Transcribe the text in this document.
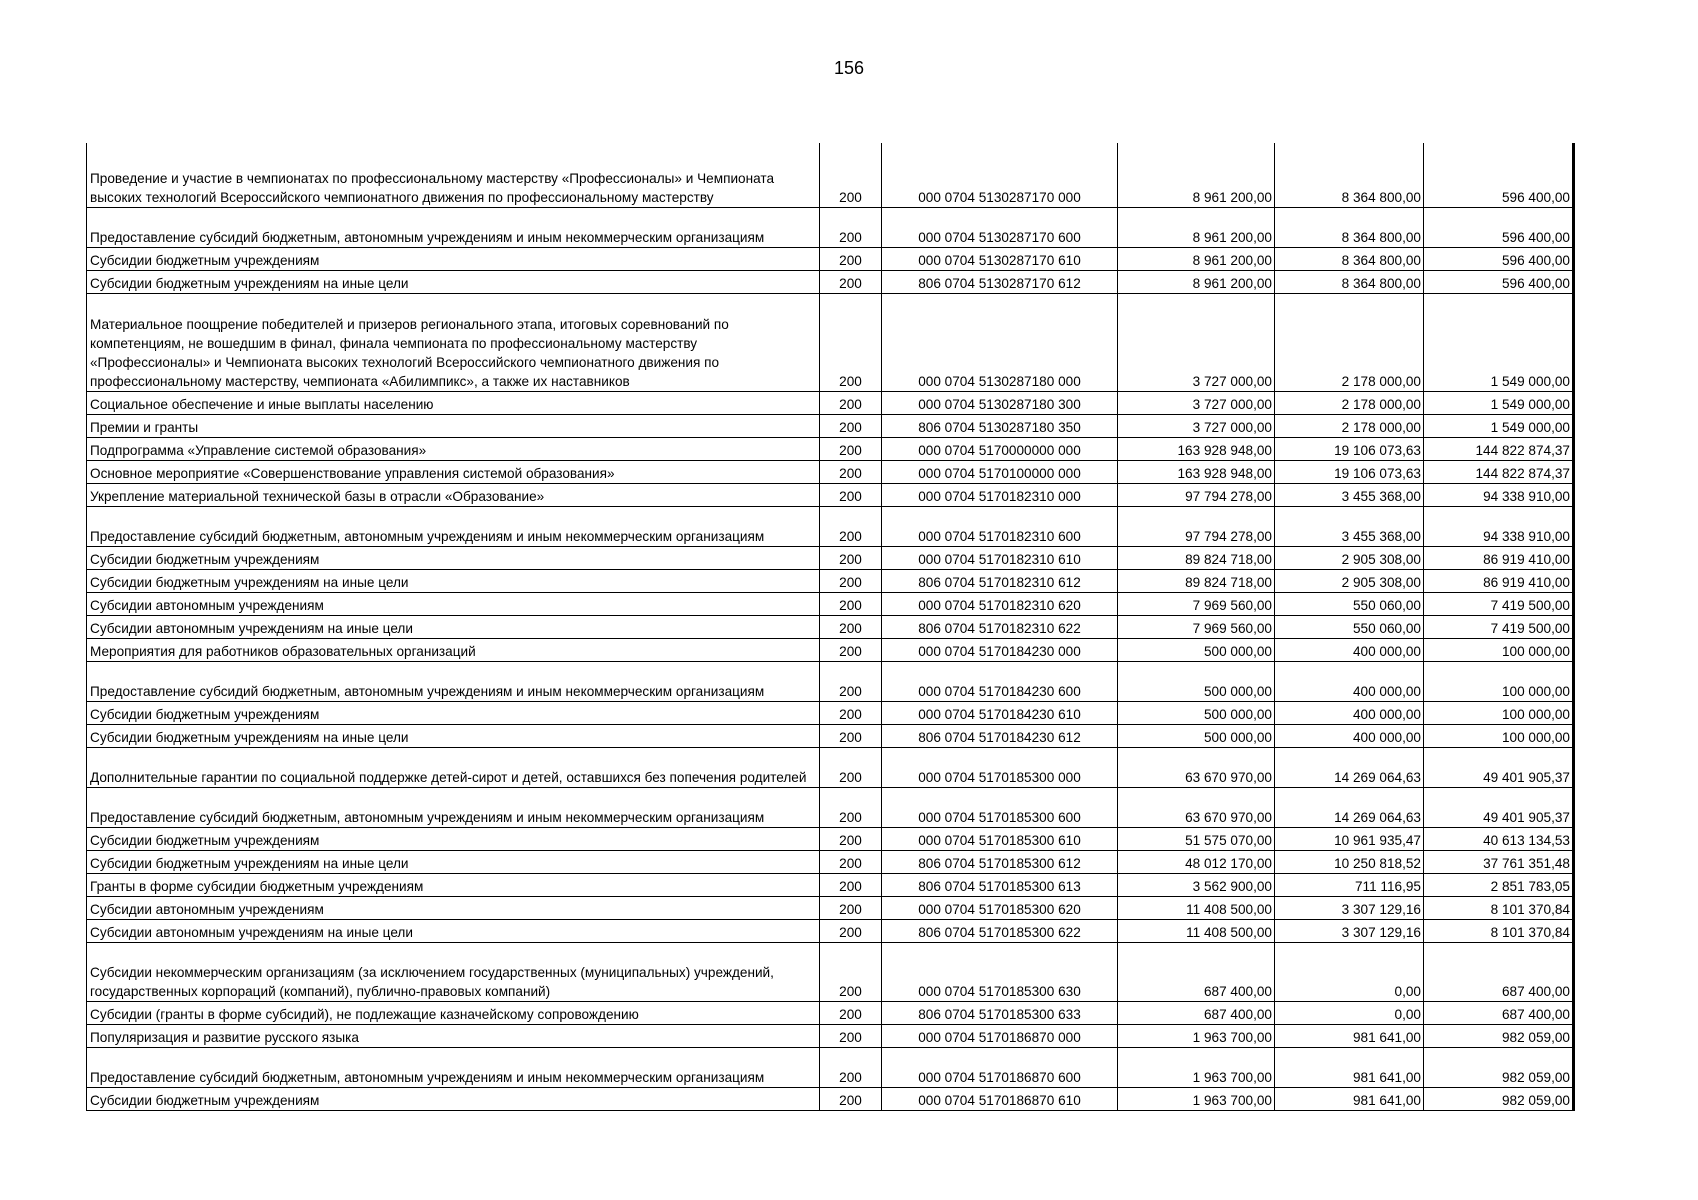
156
Проведение и участие в чемпионатах по профессиональному мастерству «Профессионалы» и Чемпионата высоких технологий Всероссийского чемпионатного движения по профессиональному мастерству	200	000 0704 5130287170 000	8 961 200,00	8 364 800,00	596 400,00
Предоставление субсидий бюджетным, автономным учреждениям и иным некоммерческим организациям	200	000 0704 5130287170 600	8 961 200,00	8 364 800,00	596 400,00
Субсидии бюджетным учреждениям	200	000 0704 5130287170 610	8 961 200,00	8 364 800,00	596 400,00
Субсидии бюджетным учреждениям на иные цели	200	806 0704 5130287170 612	8 961 200,00	8 364 800,00	596 400,00
Материальное поощрение победителей и призеров регионального этапа, итоговых соревнований по компетенциям, не вошедшим в финал, финала чемпионата по профессиональному мастерству «Профессионалы» и Чемпионата высоких технологий Всероссийского чемпионатного движения по профессиональному мастерству, чемпионата «Абилимпикс», а также их наставников	200	000 0704 5130287180 000	3 727 000,00	2 178 000,00	1 549 000,00
Социальное обеспечение и иные выплаты населению	200	000 0704 5130287180 300	3 727 000,00	2 178 000,00	1 549 000,00
Премии и гранты	200	806 0704 5130287180 350	3 727 000,00	2 178 000,00	1 549 000,00
Подпрограмма «Управление системой образования»	200	000 0704 5170000000 000	163 928 948,00	19 106 073,63	144 822 874,37
Основное мероприятие «Совершенствование управления системой образования»	200	000 0704 5170100000 000	163 928 948,00	19 106 073,63	144 822 874,37
Укрепление материальной технической базы в отрасли «Образование»	200	000 0704 5170182310 000	97 794 278,00	3 455 368,00	94 338 910,00
Предоставление субсидий бюджетным, автономным учреждениям и иным некоммерческим организациям	200	000 0704 5170182310 600	97 794 278,00	3 455 368,00	94 338 910,00
Субсидии бюджетным учреждениям	200	000 0704 5170182310 610	89 824 718,00	2 905 308,00	86 919 410,00
Субсидии бюджетным учреждениям на иные цели	200	806 0704 5170182310 612	89 824 718,00	2 905 308,00	86 919 410,00
Субсидии автономным учреждениям	200	000 0704 5170182310 620	7 969 560,00	550 060,00	7 419 500,00
Субсидии автономным учреждениям на иные цели	200	806 0704 5170182310 622	7 969 560,00	550 060,00	7 419 500,00
Мероприятия для работников образовательных организаций	200	000 0704 5170184230 000	500 000,00	400 000,00	100 000,00
Предоставление субсидий бюджетным, автономным учреждениям и иным некоммерческим организациям	200	000 0704 5170184230 600	500 000,00	400 000,00	100 000,00
Субсидии бюджетным учреждениям	200	000 0704 5170184230 610	500 000,00	400 000,00	100 000,00
Субсидии бюджетным учреждениям на иные цели	200	806 0704 5170184230 612	500 000,00	400 000,00	100 000,00
Дополнительные гарантии по социальной поддержке детей-сирот и детей, оставшихся без попечения родителей	200	000 0704 5170185300 000	63 670 970,00	14 269 064,63	49 401 905,37
Предоставление субсидий бюджетным, автономным учреждениям и иным некоммерческим организациям	200	000 0704 5170185300 600	63 670 970,00	14 269 064,63	49 401 905,37
Субсидии бюджетным учреждениям	200	000 0704 5170185300 610	51 575 070,00	10 961 935,47	40 613 134,53
Субсидии бюджетным учреждениям на иные цели	200	806 0704 5170185300 612	48 012 170,00	10 250 818,52	37 761 351,48
Гранты в форме субсидии бюджетным учреждениям	200	806 0704 5170185300 613	3 562 900,00	711 116,95	2 851 783,05
Субсидии автономным учреждениям	200	000 0704 5170185300 620	11 408 500,00	3 307 129,16	8 101 370,84
Субсидии автономным учреждениям на иные цели	200	806 0704 5170185300 622	11 408 500,00	3 307 129,16	8 101 370,84
Субсидии некоммерческим организациям (за исключением государственных (муниципальных) учреждений, государственных корпораций (компаний), публично-правовых компаний)	200	000 0704 5170185300 630	687 400,00	0,00	687 400,00
Субсидии (гранты в форме субсидий), не подлежащие казначейскому сопровождению	200	806 0704 5170185300 633	687 400,00	0,00	687 400,00
Популяризация и развитие русского языка	200	000 0704 5170186870 000	1 963 700,00	981 641,00	982 059,00
Предоставление субсидий бюджетным, автономным учреждениям и иным некоммерческим организациям	200	000 0704 5170186870 600	1 963 700,00	981 641,00	982 059,00
Субсидии бюджетным учреждениям	200	000 0704 5170186870 610	1 963 700,00	981 641,00	982 059,00
